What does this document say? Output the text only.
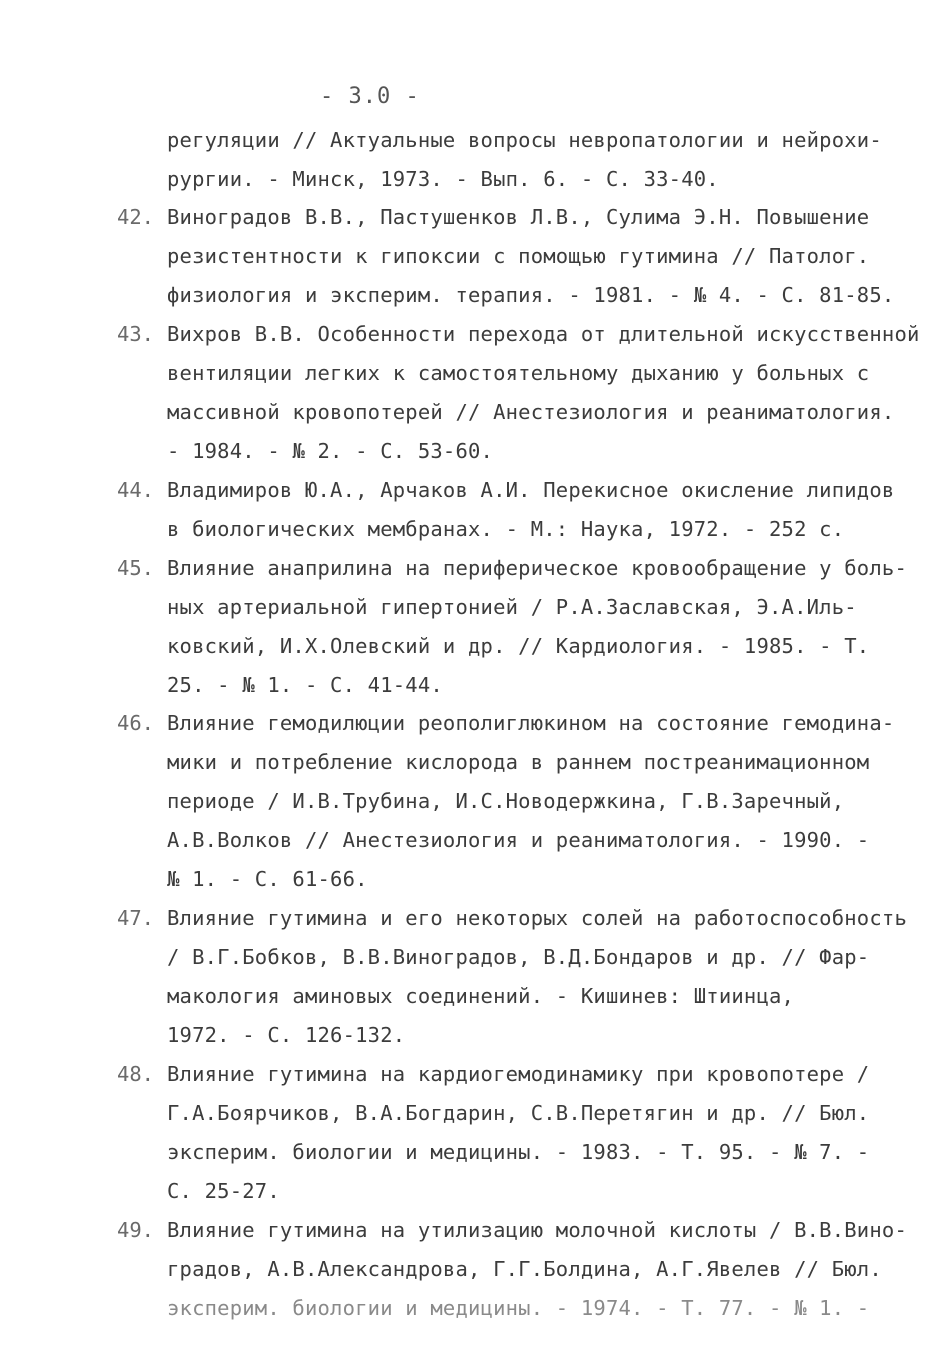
- 3.0 -
регуляции // Актуальные вопросы невропатологии и нейрохи-
рургии. - Минск, 1973. - Вып. 6. - С. 33-40.
42. Виноградов В.В., Пастушенков Л.В., Сулима Э.Н. Повышение
резистентности к гипоксии с помощью гутимина // Патолог.
физиология и эксперим. терапия. - 1981. - № 4. - С. 81-85.
43. Вихров В.В. Особенности перехода от длительной искусственной
вентиляции легких к самостоятельному дыханию у больных с
массивной кровопотерей // Анестезиология и реаниматология.
- 1984. - № 2. - С. 53-60.
44. Владимиров Ю.А., Арчаков А.И. Перекисное окисление липидов
в биологических мембранах. - М.: Наука, 1972. - 252 с.
45. Влияние анаприлина на периферическое кровообращение у боль-
ных артериальной гипертонией / Р.А.Заславская, Э.А.Иль-
ковский, И.Х.Олевский и др. // Кардиология. - 1985. - Т.
25. - № 1. - С. 41-44.
46. Влияние гемодилюции реополиглюкином на состояние гемодина-
мики и потребление кислорода в раннем постреанимационном
периоде / И.В.Трубина, И.С.Новодержкина, Г.В.Заречный,
А.В.Волков // Анестезиология и реаниматология. - 1990. -
№ 1. - С. 61-66.
47. Влияние гутимина и его некоторых солей на работоспособность
/ В.Г.Бобков, В.В.Виноградов, В.Д.Бондаров и др. // Фар-
макология аминовых соединений. - Кишинев: Штиинца,
1972. - С. 126-132.
48. Влияние гутимина на кардиогемодинамику при кровопотере /
Г.А.Боярчиков, В.А.Богдарин, С.В.Перетягин и др. // Бюл.
эксперим. биологии и медицины. - 1983. - Т. 95. - № 7. -
С. 25-27.
49. Влияние гутимина на утилизацию молочной кислоты / В.В.Вино-
градов, А.В.Александрова, Г.Г.Болдина, А.Г.Явелев // Бюл.
эксперим. биологии и медицины. - 1974. - Т. 77. - № 1. -
